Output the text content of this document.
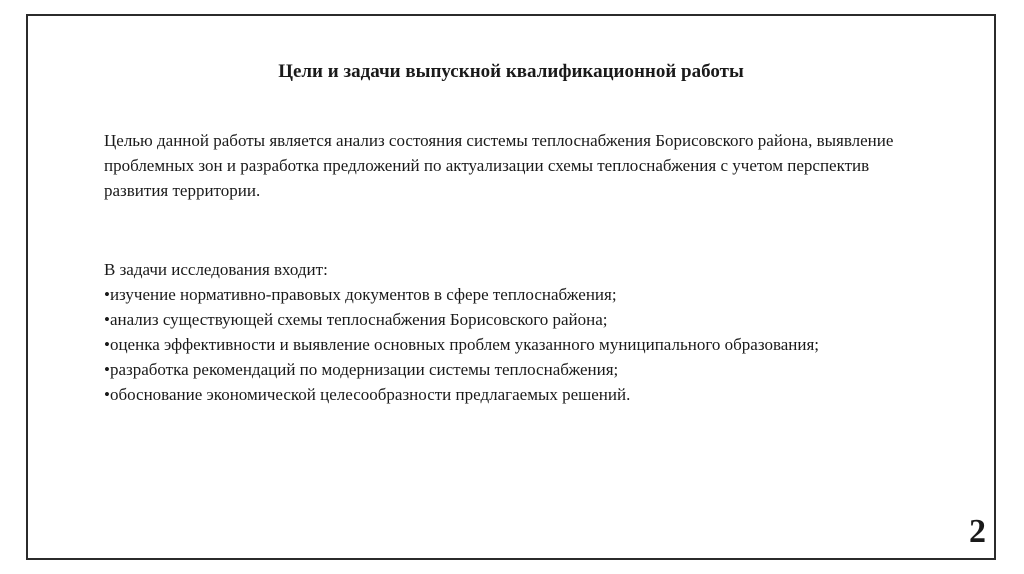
Цели и задачи выпускной квалификационной работы

Целью данной работы является анализ состояния системы теплоснабжения Борисовского района, выявление проблемных зон и разработка предложений по актуализации схемы теплоснабжения с учетом перспектив развития территории.

В задачи исследования входит:

•изучение нормативно-правовых документов в сфере теплоснабжения;
•анализ существующей схемы теплоснабжения Борисовского района;
•оценка эффективности и выявление основных проблем указанного муниципального образования;
•разработка рекомендаций по модернизации системы теплоснабжения;
•обоснование экономической целесообразности предлагаемых решений.
2
